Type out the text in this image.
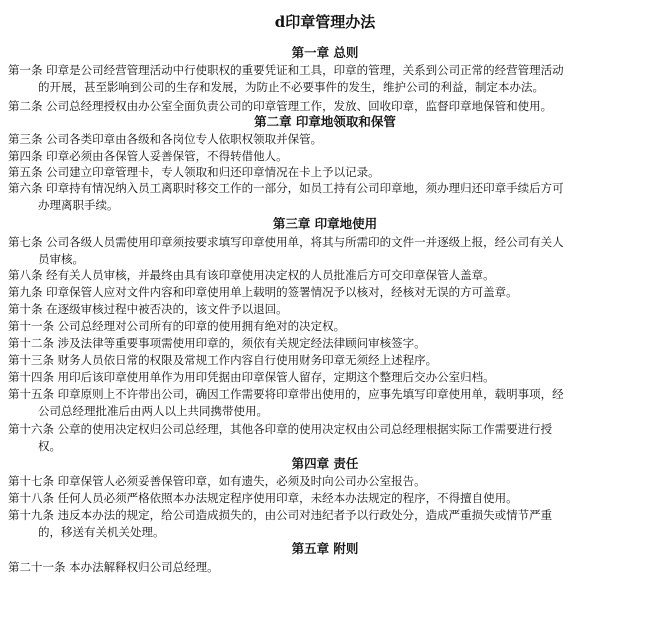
d印章管理办法
第一章 总则
第一条 印章是公司经营管理活动中行使职权的重要凭证和工具，印章的管理，关系到公司正常的经营管理活动
的开展，甚至影响到公司的生存和发展，为防止不必要事件的发生，维护公司的利益，制定本办法。
第二条 公司总经理授权由办公室全面负责公司的印章管理工作，发放、回收印章，监督印章地保管和使用。
第二章 印章地领取和保管
第三条 公司各类印章由各级和各岗位专人依职权领取并保管。
第四条 印章必须由各保管人妥善保管，不得转借他人。
第五条 公司建立印章管理卡，专人领取和归还印章情况在卡上予以记录。
第六条 印章持有情况纳入员工离职时移交工作的一部分，如员工持有公司印章地，须办理归还印章手续后方可
办理离职手续。
第三章 印章地使用
第七条 公司各级人员需使用印章须按要求填写印章使用单，将其与所需印的文件一并逐级上报，经公司有关人
员审核。
第八条 经有关人员审核，并最终由具有该印章使用决定权的人员批准后方可交印章保管人盖章。
第九条 印章保管人应对文件内容和印章使用单上载明的签署情况予以核对，经核对无误的方可盖章。
第十条 在逐级审核过程中被否决的，该文件予以退回。
第十一条 公司总经理对公司所有的印章的使用拥有绝对的决定权。
第十二条 涉及法律等重要事项需使用印章的，须依有关规定经法律顾问审核签字。
第十三条 财务人员依日常的权限及常规工作内容自行使用财务印章无须经上述程序。
第十四条 用印后该印章使用单作为用印凭据由印章保管人留存，定期这个整理后交办公室归档。
第十五条 印章原则上不许带出公司，确因工作需要将印章带出使用的，应事先填写印章使用单，载明事项，经
公司总经理批准后由两人以上共同携带使用。
第十六条 公章的使用决定权归公司总经理，其他各印章的使用决定权由公司总经理根据实际工作需要进行授
权。
第四章 责任
第十七条 印章保管人必须妥善保管印章，如有遗失，必须及时向公司办公室报告。
第十八条 任何人员必须严格依照本办法规定程序使用印章，未经本办法规定的程序，不得擅自使用。
第十九条 违反本办法的规定，给公司造成损失的，由公司对违纪者予以行政处分，造成严重损失或情节严重
的，移送有关机关处理。
第五章 附则
第二十一条 本办法解释权归公司总经理。
